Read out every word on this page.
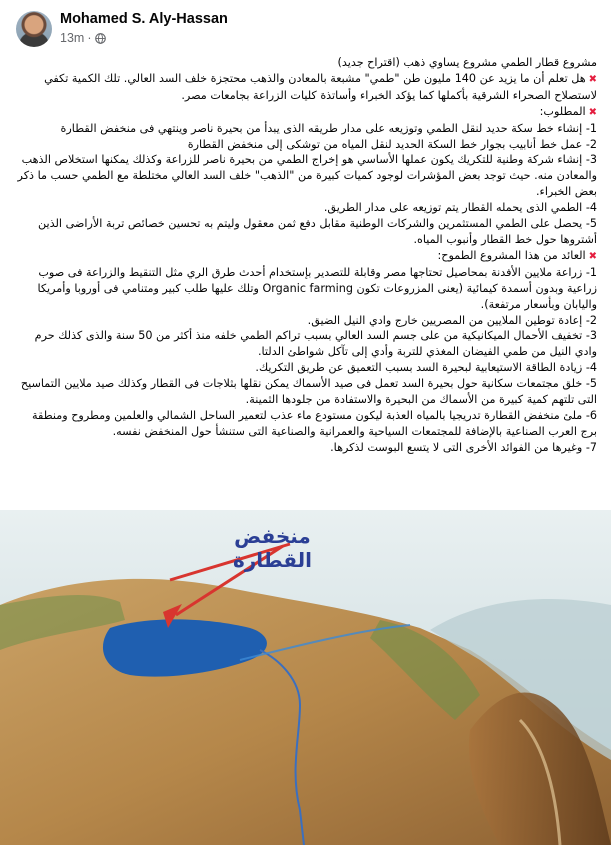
Mohamed S. Aly-Hassan
13m ·

مشروع قطار الطمي مشروع يساوي ذهب (اقتراح جديد)

✖هل تعلم أن ما يزيد عن 140 مليون طن "طمي" مشبعة بالمعادن والذهب محتجزة خلف السد العالي. تلك الكمية تكفي لاستصلاح الصحراء الشرقية بأكملها كما يؤكد الخبراء وأساتذة كليات الزراعة بجامعات مصر.

✖المطلوب:

1- إنشاء خط سكة حديد لنقل الطمي وتوزيعه على مدار طريقه الذى يبدأ من بحيرة ناصر وينتهي فى منخفض القطارة

2- عمل خط أنابيب بجوار خط السكة الحديد لنقل المياه من توشكى إلى منخفض القطارة

3- إنشاء شركة وطنية للتكريك يكون عملها الأساسي هو إخراج الطمي من بحيرة ناصر للزراعة وكذلك يمكنها استخلاص الذهب والمعادن منه. حيث توجد بعض المؤشرات لوجود كميات كبيرة من "الذهب" خلف السد العالي مختلطة مع الطمي حسب ما ذكر بعض الخبراء.

4- الطمي الذى يحمله القطار يتم توزيعه على مدار الطريق.

5- يحصل على الطمي المستثمرين والشركات الوطنية مقابل دفع ثمن معقول وليتم به تحسين خصائص تربة الأراضى الذين أشتروها حول خط القطار وأنبوب المياه.

✖العائد من هذا المشروع الطموح:

1- زراعة ملايين الأفدنة بمحاصيل تحتاجها مصر وقابلة للتصدير بإستخدام أحدث طرق الري مثل التنقيط والزراعة فى صوب زراعية وبدون أسمدة كيمائية (يعنى المزروعات تكون Organic farming وتلك عليها طلب كبير ومتنامي فى أوروبا وأمريكا واليابان وبأسعار مرتفعة).

2- إعادة توطين الملايين من المصريين خارج وادي النيل الضيق.

3- تخفيف الأحمال الميكانيكية من على جسم السد العالي بسبب تراكم الطمي خلفه منذ أكثر من 50 سنة والذى كذلك حرم وادي النيل من طمي الفيضان المغذي للتربة وأدي إلى تآكل شواطئ الدلتا.

4- زيادة الطاقة الاستيعابية لبحيرة السد بسبب التعميق عن طريق التكريك.

5- خلق مجتمعات سكانية حول بحيرة السد تعمل فى صيد الأسماك يمكن نقلها بثلاجات فى القطار وكذلك صيد ملايين التماسيح التى تلتهم كمية كبيرة من الأسماك من البحيرة والاستفادة من جلودها الثمينة.

6- ملئ منخفض القطارة تدريجيا بالمياه العذبة ليكون مستودع ماء عذب لتعمير الساحل الشمالي والعلمين ومطروح ومنطقة برج العرب الصناعية بالإضافة للمجتمعات السياحية والعمرانية والصناعية التى ستنشأ حول المنخفض نفسه.

7- وغيرها من الفوائد الأخرى التى لا يتسع البوست لذكرها.

منخفض القطارة
